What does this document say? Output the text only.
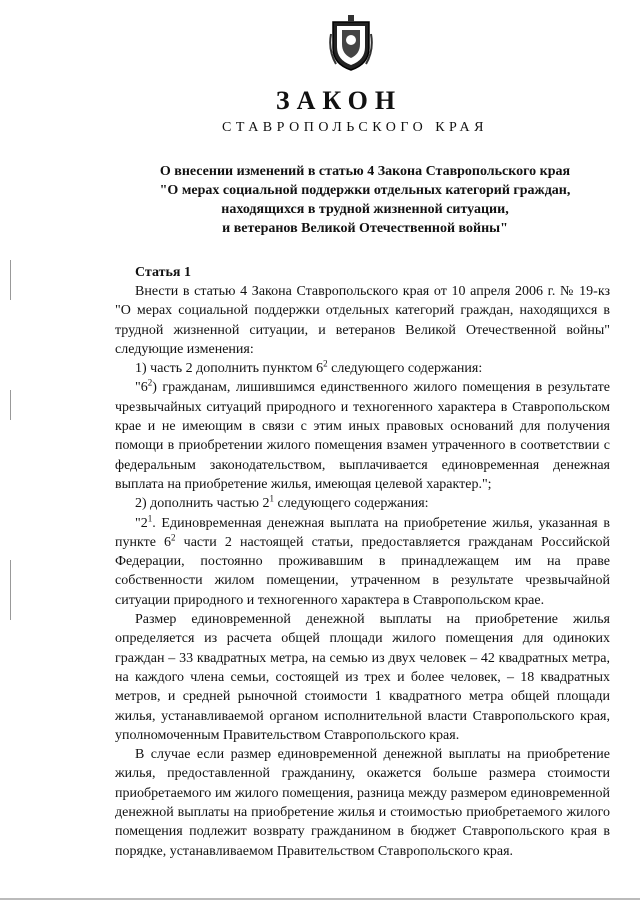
ЗАКОН
СТАВРОПОЛЬСКОГО КРАЯ
О внесении изменений в статью 4 Закона Ставропольского края
"О мерах социальной поддержки отдельных категорий граждан,
находящихся в трудной жизненной ситуации,
и ветеранов Великой Отечественной войны"
Статья 1

Внести в статью 4 Закона Ставропольского края от 10 апреля 2006 г. № 19-кз "О мерах социальной поддержки отдельных категорий граждан, находящихся в трудной жизненной ситуации, и ветеранов Великой Отечественной войны" следующие изменения:

1) часть 2 дополнить пунктом $6^2$ следующего содержания:

"$6^2$) гражданам, лишившимся единственного жилого помещения в результате чрезвычайных ситуаций природного и техногенного характера в Ставропольском крае и не имеющим в связи с этим иных правовых оснований для получения помощи в приобретении жилого помещения взамен утраченного в соответствии с федеральным законодательством, выплачивается единовременная денежная выплата на приобретение жилья, имеющая целевой характер.";

2) дополнить частью $2^1$ следующего содержания:

"$2^1$. Единовременная денежная выплата на приобретение жилья, указанная в пункте $6^2$ части 2 настоящей статьи, предоставляется гражданам Российской Федерации, постоянно проживавшим в принадлежащем им на праве собственности жилом помещении, утраченном в результате чрезвычайной ситуации природного и техногенного характера в Ставропольском крае.

Размер единовременной денежной выплаты на приобретение жилья определяется из расчета общей площади жилого помещения для одиноких граждан – 33 квадратных метра, на семью из двух человек – 42 квадратных метра, на каждого члена семьи, состоящей из трех и более человек, – 18 квадратных метров, и средней рыночной стоимости 1 квадратного метра общей площади жилья, устанавливаемой органом исполнительной власти Ставропольского края, уполномоченным Правительством Ставропольского края.

В случае если размер единовременной денежной выплаты на приобретение жилья, предоставленной гражданину, окажется больше размера стоимости приобретаемого им жилого помещения, разница между размером единовременной денежной выплаты на приобретение жилья и стоимостью приобретаемого жилого помещения подлежит возврату гражданином в бюджет Ставропольского края в порядке, устанавливаемом Правительством Ставропольского края.
